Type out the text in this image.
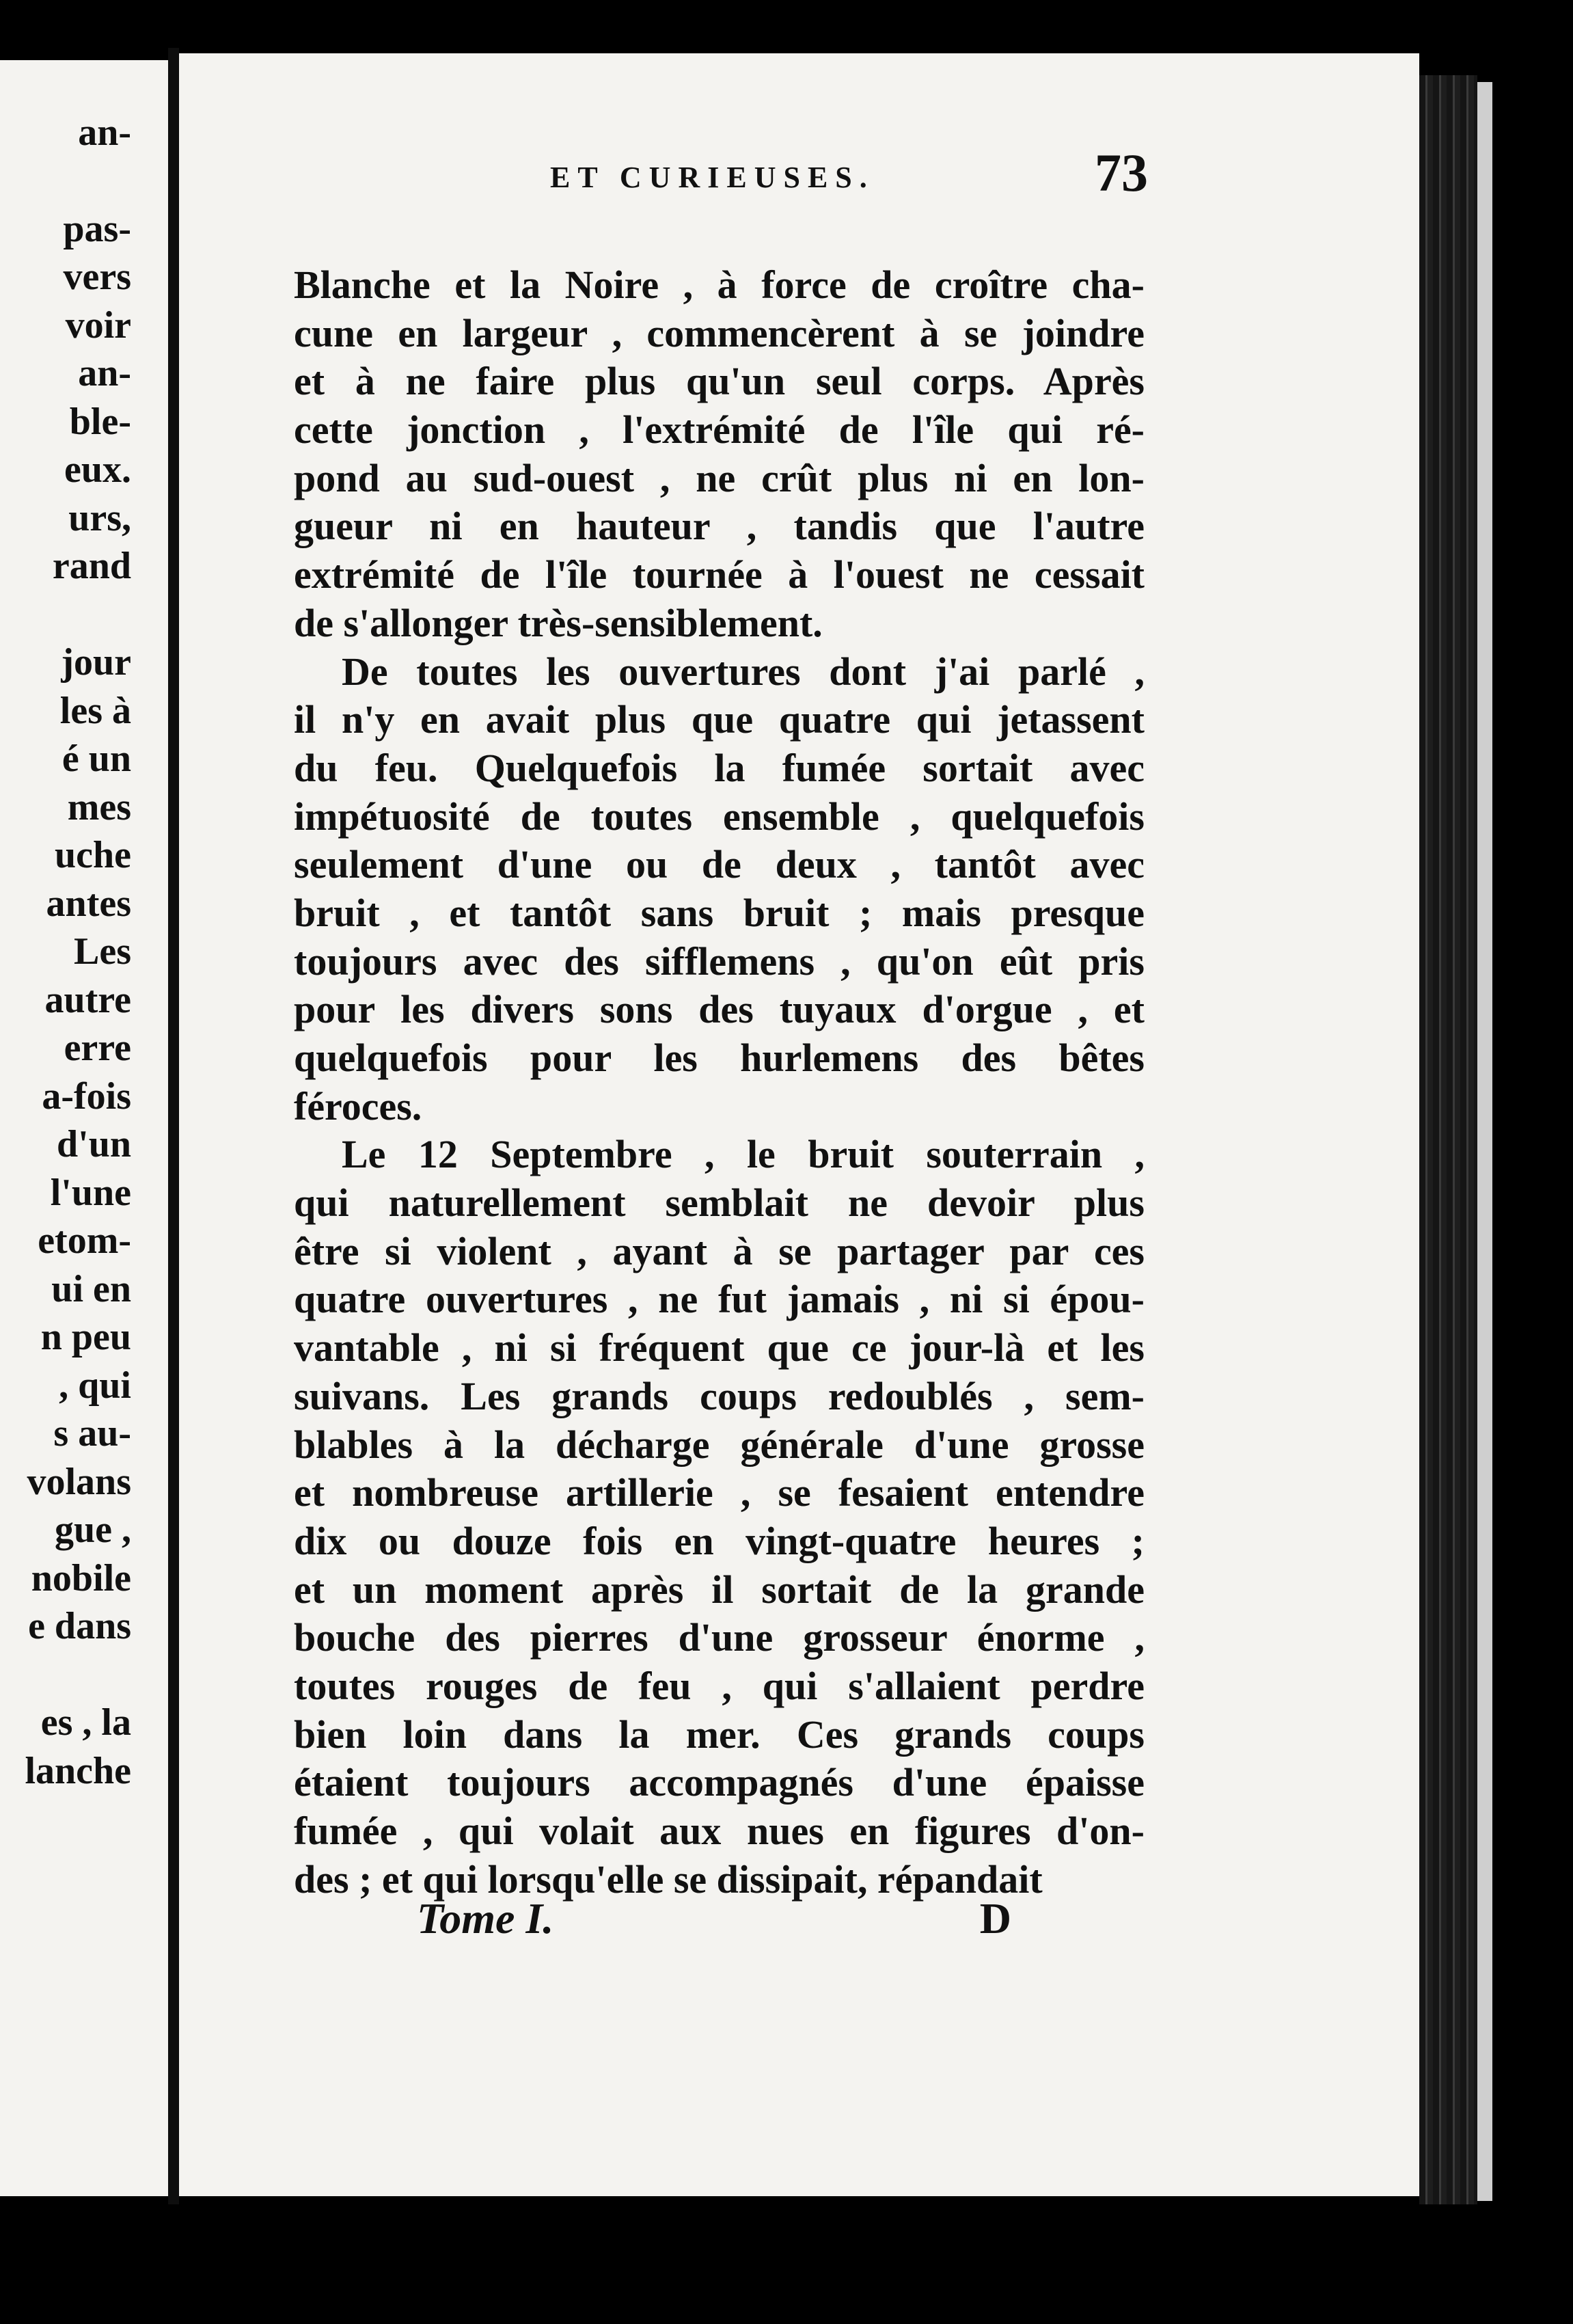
an-
pas-
vers
voir
an-
ble-
eux.
urs,
rand
jour
les à
é un
mes
uche
antes
Les
autre
erre
a-fois
d'un
l'une
etom-
ui en
n peu
, qui
s au-
volans
gue ,
nobile
e dans
es , la
lanche
ET CURIEUSES.	73
Blanche et la Noire , à force de croître cha-
cune en largeur , commencèrent à se joindre
et à ne faire plus qu'un seul corps. Après
cette jonction , l'extrémité de l'île qui ré-
pond au sud-ouest , ne crût plus ni en lon-
gueur ni en hauteur , tandis que l'autre
extrémité de l'île tournée à l'ouest ne cessait
de s'allonger très-sensiblement.
De toutes les ouvertures dont j'ai parlé ,
il n'y en avait plus que quatre qui jetassent
du feu. Quelquefois la fumée sortait avec
impétuosité de toutes ensemble , quelquefois
seulement d'une ou de deux , tantôt avec
bruit , et tantôt sans bruit ; mais presque
toujours avec des sifflemens , qu'on eût pris
pour les divers sons des tuyaux d'orgue , et
quelquefois pour les hurlemens des bêtes
féroces.
Le 12 Septembre , le bruit souterrain ,
qui naturellement semblait ne devoir plus
être si violent , ayant à se partager par ces
quatre ouvertures , ne fut jamais , ni si épou-
vantable , ni si fréquent que ce jour-là et les
suivans. Les grands coups redoublés , sem-
blables à la décharge générale d'une grosse
et nombreuse artillerie , se fesaient entendre
dix ou douze fois en vingt-quatre heures ;
et un moment après il sortait de la grande
bouche des pierres d'une grosseur énorme ,
toutes rouges de feu , qui s'allaient perdre
bien loin dans la mer. Ces grands coups
étaient toujours accompagnés d'une épaisse
fumée , qui volait aux nues en figures d'on-
des ; et qui lorsqu'elle se dissipait, répandait
Tome I.	D
